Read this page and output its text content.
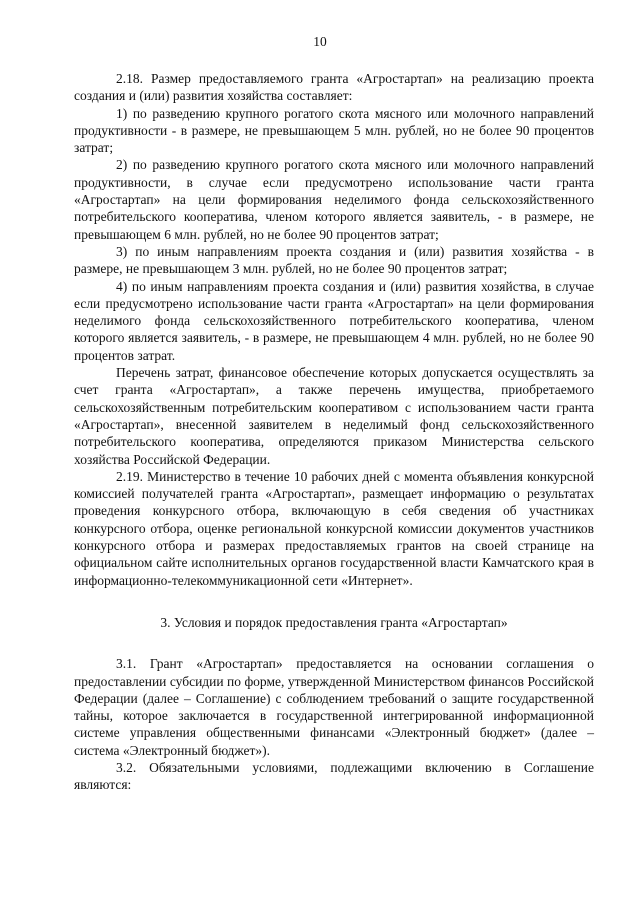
10

2.18. Размер предоставляемого гранта «Агростартап» на реализацию проекта создания и (или) развития хозяйства составляет:

1) по разведению крупного рогатого скота мясного или молочного направлений продуктивности - в размере, не превышающем 5 млн. рублей, но не более 90 процентов затрат;

2) по разведению крупного рогатого скота мясного или молочного направлений продуктивности, в случае если предусмотрено использование части гранта «Агростартап» на цели формирования неделимого фонда сельскохозяйственного потребительского кооператива, членом которого является заявитель, - в размере, не превышающем 6 млн. рублей, но не более 90 процентов затрат;

3) по иным направлениям проекта создания и (или) развития хозяйства - в размере, не превышающем 3 млн. рублей, но не более 90 процентов затрат;

4) по иным направлениям проекта создания и (или) развития хозяйства, в случае если предусмотрено использование части гранта «Агростартап» на цели формирования неделимого фонда сельскохозяйственного потребительского кооператива, членом которого является заявитель, - в размере, не превышающем 4 млн. рублей, но не более 90 процентов затрат.

Перечень затрат, финансовое обеспечение которых допускается осуществлять за счет гранта «Агростартап», а также перечень имущества, приобретаемого сельскохозяйственным потребительским кооперативом с использованием части гранта «Агростартап», внесенной заявителем в неделимый фонд сельскохозяйственного потребительского кооператива, определяются приказом Министерства сельского хозяйства Российской Федерации.

2.19. Министерство в течение 10 рабочих дней с момента объявления конкурсной комиссией получателей гранта «Агростартап», размещает информацию о результатах проведения конкурсного отбора, включающую в себя сведения об участниках конкурсного отбора, оценке региональной конкурсной комиссии документов участников конкурсного отбора и размерах предоставляемых грантов на своей странице на официальном сайте исполнительных органов государственной власти Камчатского края в информационно-телекоммуникационной сети «Интернет».

3. Условия и порядок предоставления гранта «Агростартап»

3.1. Грант «Агростартап» предоставляется на основании соглашения о предоставлении субсидии по форме, утвержденной Министерством финансов Российской Федерации (далее – Соглашение) с соблюдением требований о защите государственной тайны, которое заключается в государственной интегрированной информационной системе управления общественными финансами «Электронный бюджет» (далее – система «Электронный бюджет»).

3.2. Обязательными условиями, подлежащими включению в Соглашение являются:
